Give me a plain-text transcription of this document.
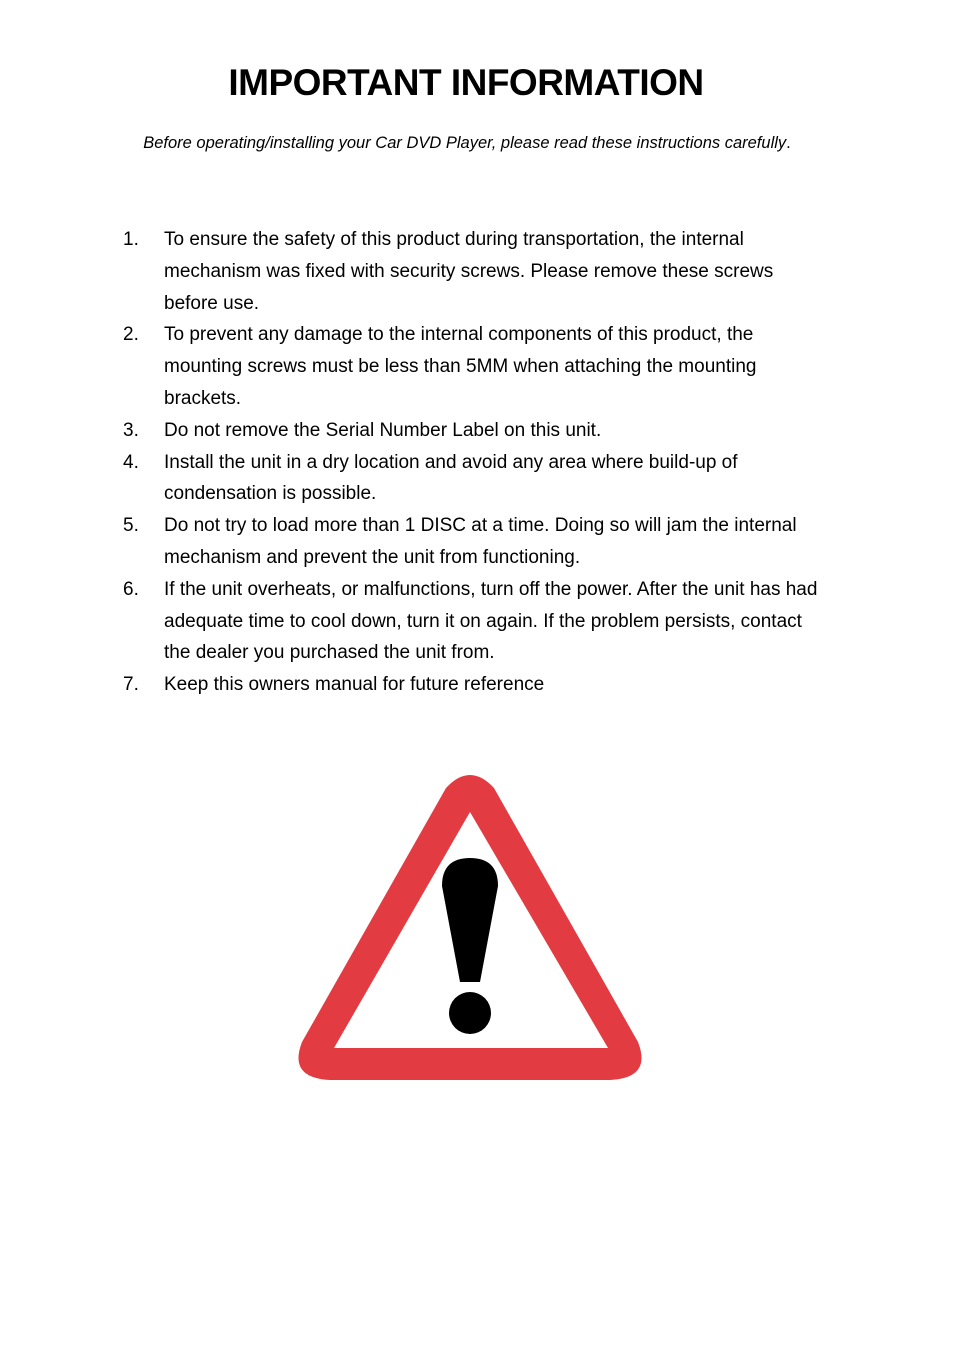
IMPORTANT INFORMATION

Before operating/installing your Car DVD Player, please read these instructions carefully.

1. To ensure the safety of this product during transportation, the internal mechanism was fixed with security screws. Please remove these screws before use.
2. To prevent any damage to the internal components of this product, the mounting screws must be less than 5MM when attaching the mounting brackets.
3. Do not remove the Serial Number Label on this unit.
4. Install the unit in a dry location and avoid any area where build-up of condensation is possible.
5. Do not try to load more than 1 DISC at a time. Doing so will jam the internal mechanism and prevent the unit from functioning.
6. If the unit overheats, or malfunctions, turn off the power. After the unit has had adequate time to cool down, turn it on again. If the problem persists, contact the dealer you purchased the unit from.
7. Keep this owners manual for future reference
